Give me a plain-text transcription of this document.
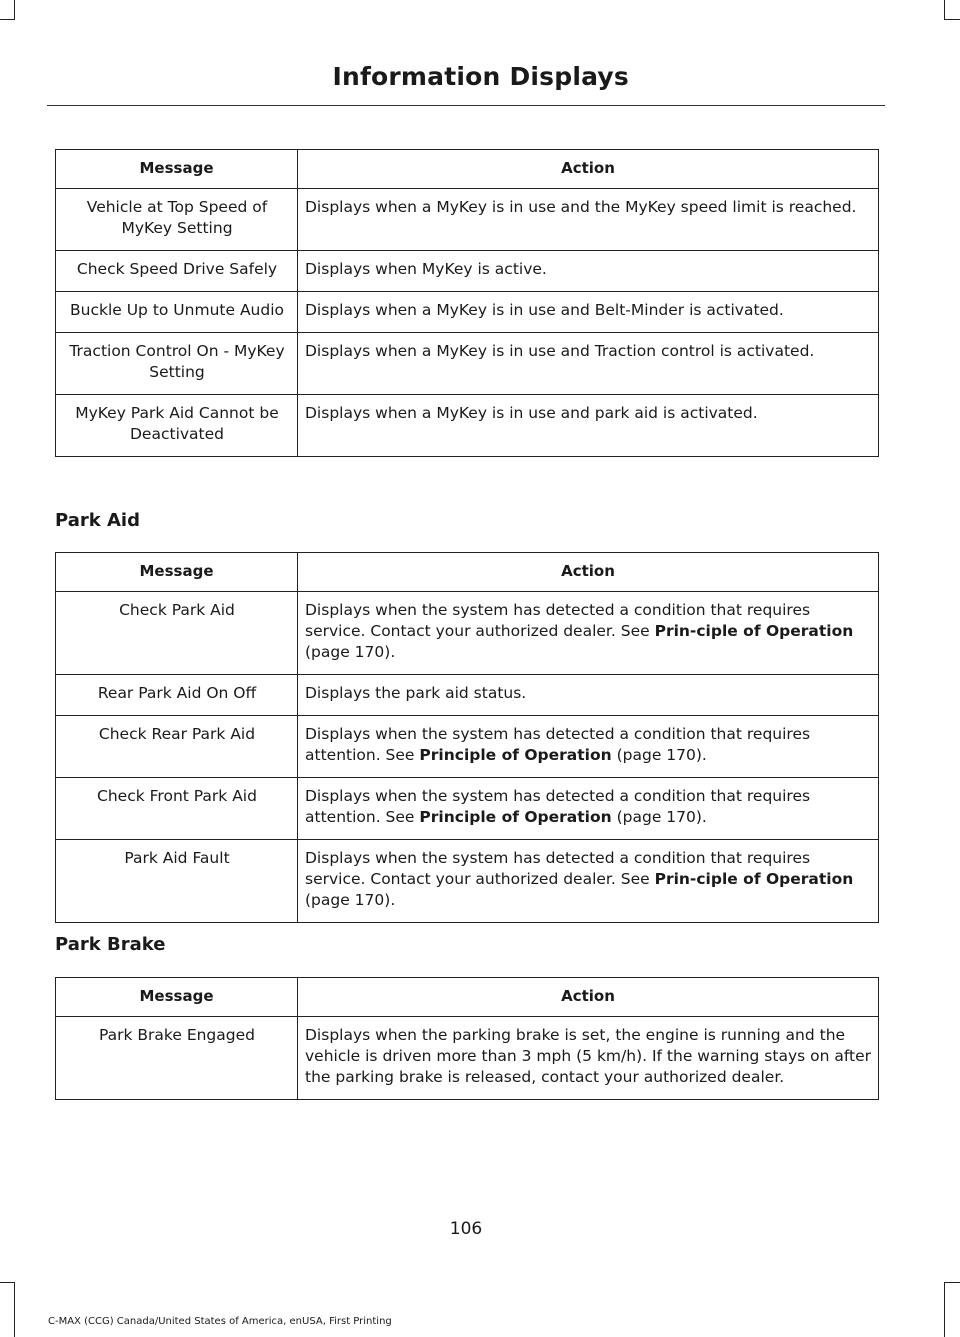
Information Displays
Message	Action
Vehicle at Top Speed of MyKey Setting	Displays when a MyKey is in use and the MyKey speed limit is reached.
Check Speed Drive Safely	Displays when MyKey is active.
Buckle Up to Unmute Audio	Displays when a MyKey is in use and Belt-Minder is activated.
Traction Control On - MyKey Setting	Displays when a MyKey is in use and Traction control is activated.
MyKey Park Aid Cannot be Deactivated	Displays when a MyKey is in use and park aid is activated.
Park Aid
Message	Action
Check Park Aid	Displays when the system has detected a condition that requires service. Contact your authorized dealer. See Prin-ciple of Operation (page 170).
Rear Park Aid On Off	Displays the park aid status.
Check Rear Park Aid	Displays when the system has detected a condition that requires attention. See Principle of Operation (page 170).
Check Front Park Aid	Displays when the system has detected a condition that requires attention. See Principle of Operation (page 170).
Park Aid Fault	Displays when the system has detected a condition that requires service. Contact your authorized dealer. See Prin-ciple of Operation (page 170).
Park Brake
Message	Action
Park Brake Engaged	Displays when the parking brake is set, the engine is running and the vehicle is driven more than 3 mph (5 km/h). If the warning stays on after the parking brake is released, contact your authorized dealer.
106
C-MAX (CCG) Canada/United States of America, enUSA, First Printing
